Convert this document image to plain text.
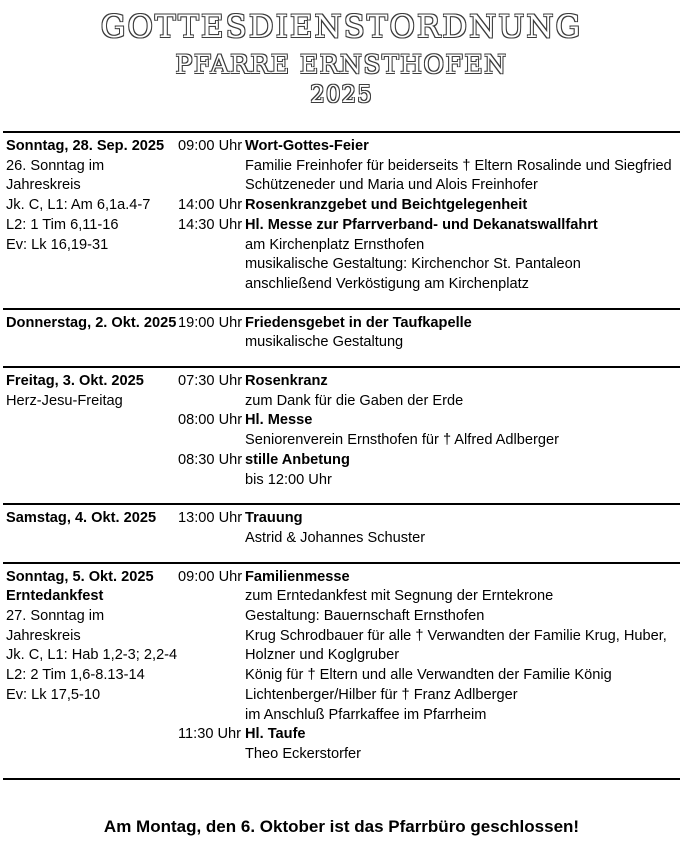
GOTTESDIENSTORDNUNG
PFARRE ERNSTHOFEN
2025
Sonntag, 28. Sep. 2025
26. Sonntag im
Jahreskreis
Jk. C, L1: Am 6,1a.4-7
L2: 1 Tim 6,11-16
Ev: Lk 16,19-31
09:00 Uhr Wort-Gottes-Feier
Familie Freinhofer für beiderseits † Eltern Rosalinde und Siegfried
Schützeneder und Maria und Alois Freinhofer
14:00 Uhr Rosenkranzgebet und Beichtgelegenheit
14:30 Uhr Hl. Messe zur Pfarrverband- und Dekanatswallfahrt
am Kirchenplatz Ernsthofen
musikalische Gestaltung: Kirchenchor St. Pantaleon
anschließend Verköstigung am Kirchenplatz
Donnerstag, 2. Okt. 2025 19:00 Uhr Friedensgebet in der Taufkapelle
musikalische Gestaltung
Freitag, 3. Okt. 2025
Herz-Jesu-Freitag
07:30 Uhr Rosenkranz
zum Dank für die Gaben der Erde
08:00 Uhr Hl. Messe
Seniorenverein Ernsthofen für † Alfred Adlberger
08:30 Uhr stille Anbetung
bis 12:00 Uhr
Samstag, 4. Okt. 2025	13:00 Uhr Trauung
Astrid & Johannes Schuster
Sonntag, 5. Okt. 2025
Erntedankfest
27. Sonntag im
Jahreskreis
Jk. C, L1: Hab 1,2-3; 2,2-4
L2: 2 Tim 1,6-8.13-14
Ev: Lk 17,5-10
09:00 Uhr Familienmesse
zum Erntedankfest mit Segnung der Erntekrone
Gestaltung: Bauernschaft Ernsthofen
Krug Schrodbauer für alle † Verwandten der Familie Krug, Huber,
Holzner und Koglgruber
König für † Eltern und alle Verwandten der Familie König
Lichtenberger/Hilber für † Franz Adlberger
im Anschluß Pfarrkaffee im Pfarrheim
11:30 Uhr Hl. Taufe
Theo Eckerstorfer

Am Montag, den 6. Oktober ist das Pfarrbüro geschlossen!
